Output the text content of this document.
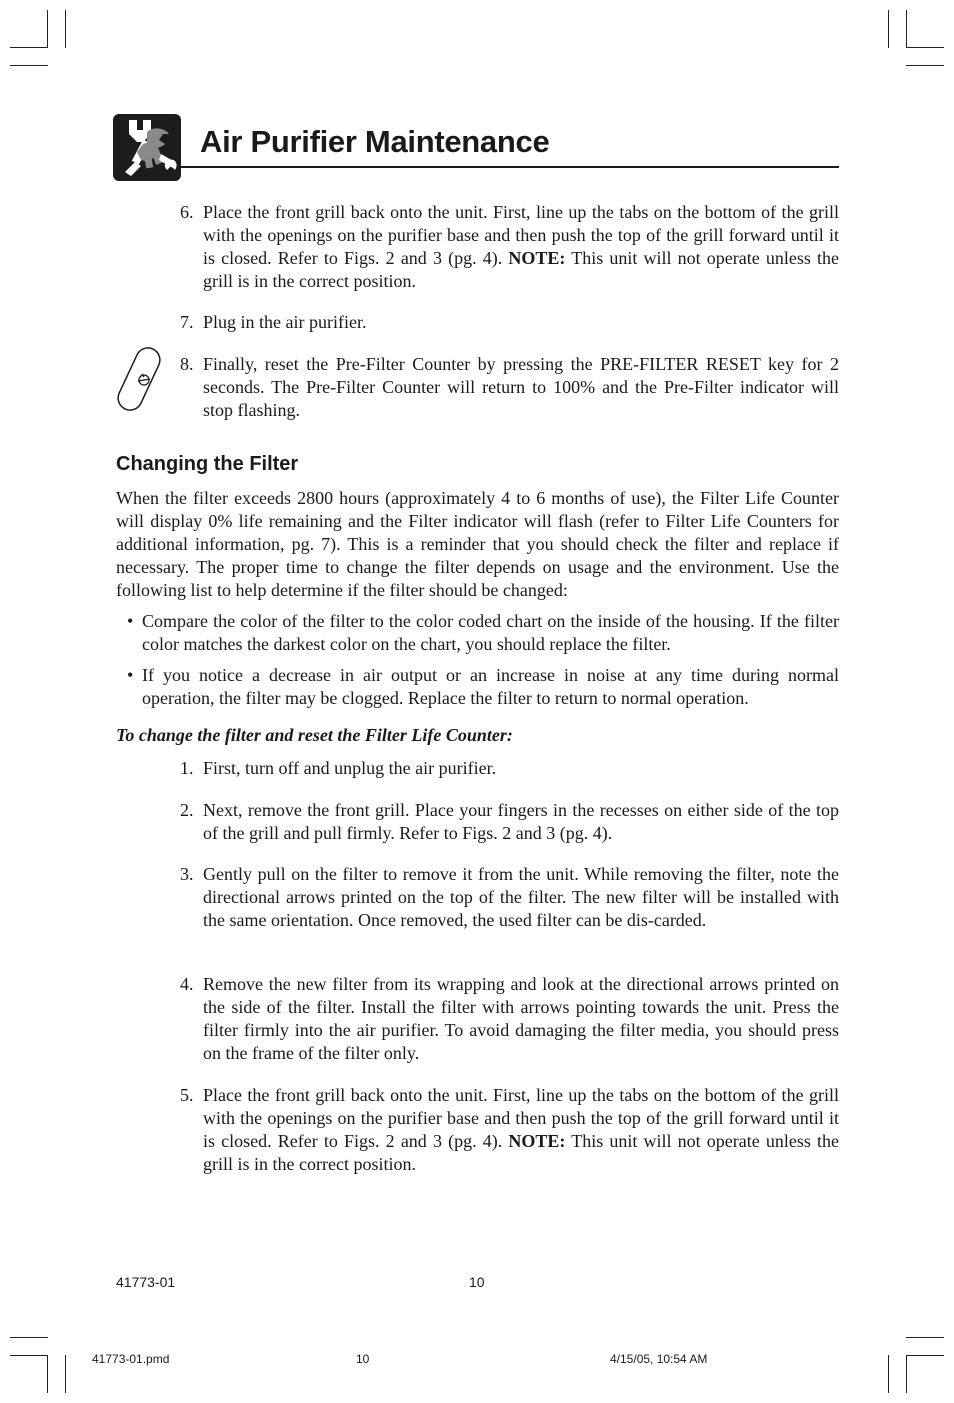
Air Purifier Maintenance
6. Place the front grill back onto the unit. First, line up the tabs on the bottom of the grill with the openings on the purifier base and then push the top of the grill forward until it is closed. Refer to Figs. 2 and 3 (pg. 4). NOTE: This unit will not operate unless the grill is in the correct position.
7. Plug in the air purifier.
8. Finally, reset the Pre-Filter Counter by pressing the PRE-FILTER RESET key for 2 seconds. The Pre-Filter Counter will return to 100% and the Pre-Filter indicator will stop flashing.
Changing the Filter
When the filter exceeds 2800 hours (approximately 4 to 6 months of use), the Filter Life Counter will display 0% life remaining and the Filter indicator will flash (refer to Filter Life Counters for additional information, pg. 7). This is a reminder that you should check the filter and replace if necessary. The proper time to change the filter depends on usage and the environment. Use the following list to help determine if the filter should be changed:
• Compare the color of the filter to the color coded chart on the inside of the housing. If the filter color matches the darkest color on the chart, you should replace the filter.
• If you notice a decrease in air output or an increase in noise at any time during normal operation, the filter may be clogged. Replace the filter to return to normal operation.
To change the filter and reset the Filter Life Counter:
1. First, turn off and unplug the air purifier.
2. Next, remove the front grill. Place your fingers in the recesses on either side of the top of the grill and pull firmly. Refer to Figs. 2 and 3 (pg. 4).
3. Gently pull on the filter to remove it from the unit. While removing the filter, note the directional arrows printed on the top of the filter. The new filter will be installed with the same orientation. Once removed, the used filter can be dis-carded.
4. Remove the new filter from its wrapping and look at the directional arrows printed on the side of the filter. Install the filter with arrows pointing towards the unit. Press the filter firmly into the air purifier. To avoid damaging the filter media, you should press on the frame of the filter only.
5. Place the front grill back onto the unit. First, line up the tabs on the bottom of the grill with the openings on the purifier base and then push the top of the grill forward until it is closed. Refer to Figs. 2 and 3 (pg. 4). NOTE: This unit will not operate unless the grill is in the correct position.
41773-01	10
41773-01.pmd	10	4/15/05, 10:54 AM
